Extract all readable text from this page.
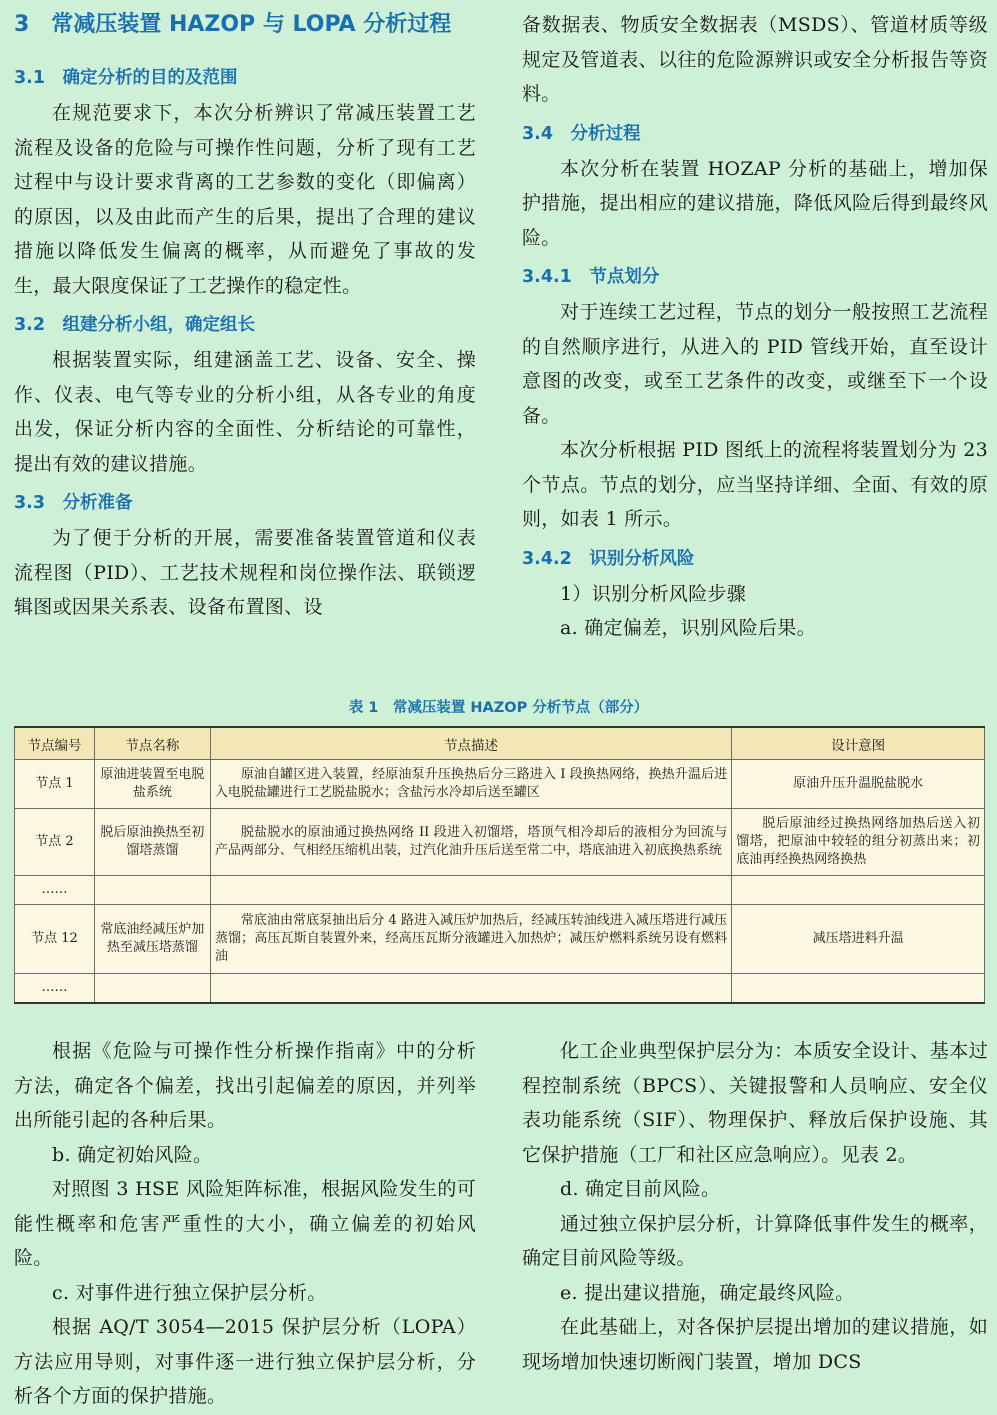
3　常减压装置 HAZOP 与 LOPA 分析过程
3.1　确定分析的目的及范围

在规范要求下，本次分析辨识了常减压装置工艺流程及设备的危险与可操作性问题，分析了现有工艺过程中与设计要求背离的工艺参数的变化（即偏离）的原因，以及由此而产生的后果，提出了合理的建议措施以降低发生偏离的概率，从而避免了事故的发生，最大限度保证了工艺操作的稳定性。

3.2　组建分析小组，确定组长

根据装置实际，组建涵盖工艺、设备、安全、操作、仪表、电气等专业的分析小组，从各专业的角度出发，保证分析内容的全面性、分析结论的可靠性，提出有效的建议措施。

3.3　分析准备

为了便于分析的开展，需要准备装置管道和仪表流程图（PID）、工艺技术规程和岗位操作法、联锁逻辑图或因果关系表、设备布置图、设

备数据表、物质安全数据表（MSDS）、管道材质等级规定及管道表、以往的危险源辨识或安全分析报告等资料。

3.4　分析过程

本次分析在装置 HOZAP 分析的基础上，增加保护措施，提出相应的建议措施，降低风险后得到最终风险。

3.4.1　节点划分

对于连续工艺过程，节点的划分一般按照工艺流程的自然顺序进行，从进入的 PID 管线开始，直至设计意图的改变，或至工艺条件的改变，或继至下一个设备。

本次分析根据 PID 图纸上的流程将装置划分为 23 个节点。节点的划分，应当坚持详细、全面、有效的原则，如表 1 所示。

3.4.2　识别分析风险

1）识别分析风险步骤

a. 确定偏差，识别风险后果。

表 1　常减压装置 HAZOP 分析节点（部分）
节点编号	节点名称	节点描述	设计意图
节点 1	原油进装置至电脱盐系统	原油自罐区进入装置，经原油泵升压换热后分三路进入 I 段换热网络，换热升温后进入电脱盐罐进行工艺脱盐脱水；含盐污水冷却后送至罐区	原油升压升温脱盐脱水
节点 2	脱后原油换热至初馏塔蒸馏	脱盐脱水的原油通过换热网络 II 段进入初馏塔，塔顶气相冷却后的液相分为回流与产品两部分、气相经压缩机出装，过汽化油升压后送至常二中，塔底油进入初底换热系统	脱后原油经过换热网络加热后送入初馏塔，把原油中较轻的组分初蒸出来；初底油再经换热网络换热
……			
节点 12	常底油经减压炉加热至减压塔蒸馏	常底油由常底泵抽出后分 4 路进入减压炉加热后，经减压转油线进入减压塔进行减压蒸馏；高压瓦斯自装置外来，经高压瓦斯分液罐进入加热炉；减压炉燃料系统另设有燃料油	减压塔进料升温
……			

根据《危险与可操作性分析操作指南》中的分析方法，确定各个偏差，找出引起偏差的原因，并列举出所能引起的各种后果。

b. 确定初始风险。

对照图 3 HSE 风险矩阵标准，根据风险发生的可能性概率和危害严重性的大小，确立偏差的初始风险。

c. 对事件进行独立保护层分析。

根据 AQ/T 3054—2015 保护层分析（LOPA）方法应用导则，对事件逐一进行独立保护层分析，分析各个方面的保护措施。

化工企业典型保护层分为：本质安全设计、基本过程控制系统（BPCS）、关键报警和人员响应、安全仪表功能系统（SIF）、物理保护、释放后保护设施、其它保护措施（工厂和社区应急响应）。见表 2。

d. 确定目前风险。

通过独立保护层分析，计算降低事件发生的概率，确定目前风险等级。

e. 提出建议措施，确定最终风险。

在此基础上，对各保护层提出增加的建议措施，如现场增加快速切断阀门装置，增加 DCS
